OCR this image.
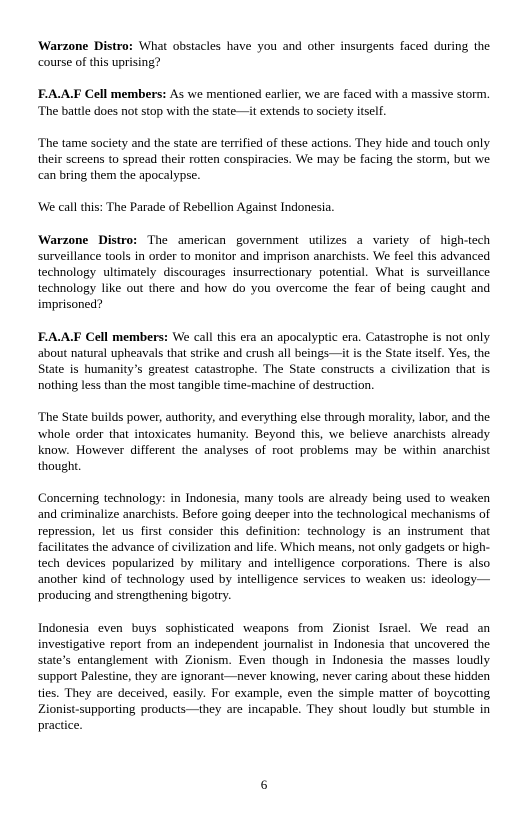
Warzone Distro: What obstacles have you and other insurgents faced during the course of this uprising?

F.A.A.F Cell members: As we mentioned earlier, we are faced with a massive storm. The battle does not stop with the state—it extends to society itself.

The tame society and the state are terrified of these actions. They hide and touch only their screens to spread their rotten conspiracies. We may be facing the storm, but we can bring them the apocalypse.

We call this: The Parade of Rebellion Against Indonesia.

Warzone Distro: The american government utilizes a variety of high-tech surveillance tools in order to monitor and imprison anarchists. We feel this advanced technology ultimately discourages insurrectionary potential. What is surveillance technology like out there and how do you overcome the fear of being caught and imprisoned?

F.A.A.F Cell members: We call this era an apocalyptic era. Catastrophe is not only about natural upheavals that strike and crush all beings—it is the State itself. Yes, the State is humanity’s greatest catastrophe. The State constructs a civilization that is nothing less than the most tangible time-machine of destruction.

The State builds power, authority, and everything else through morality, labor, and the whole order that intoxicates humanity. Beyond this, we believe anarchists already know. However different the analyses of root problems may be within anarchist thought.

Concerning technology: in Indonesia, many tools are already being used to weaken and criminalize anarchists. Before going deeper into the technological mechanisms of repression, let us first consider this definition: technology is an instrument that facilitates the advance of civilization and life. Which means, not only gadgets or high-tech devices popularized by military and intelligence corporations. There is also another kind of technology used by intelligence services to weaken us: ideology—producing and strengthening bigotry.

Indonesia even buys sophisticated weapons from Zionist Israel. We read an investigative report from an independent journalist in Indonesia that uncovered the state’s entanglement with Zionism. Even though in Indonesia the masses loudly support Palestine, they are ignorant—never knowing, never caring about these hidden ties. They are deceived, easily. For example, even the simple matter of boycotting Zionist-supporting products—they are incapable. They shout loudly but stumble in practice.

6
